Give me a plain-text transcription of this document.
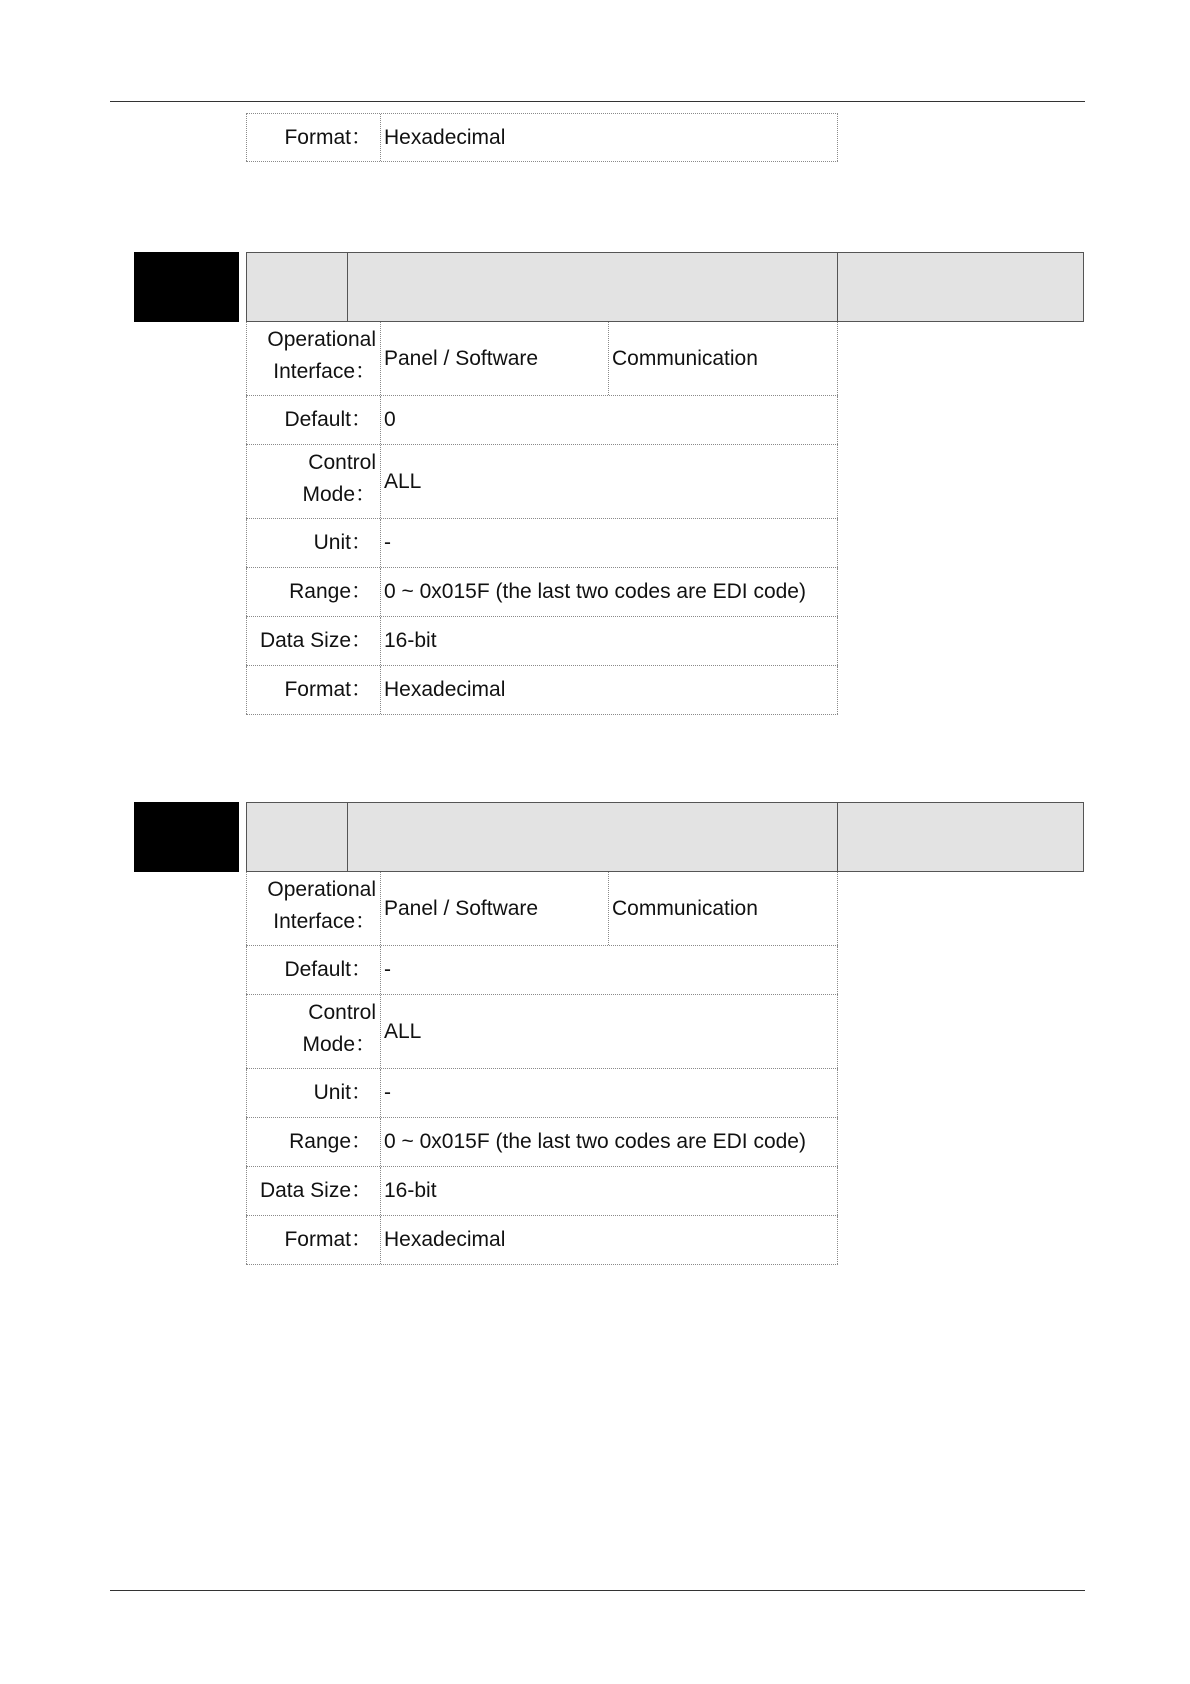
Format： Hexadecimal
Operational
Interface：
Panel / Software	Communication
Default： 0
Control
Mode：
ALL
Unit： -
Range： 0 ~ 0x015F (the last two codes are EDI code)
Data Size： 16-bit
Format： Hexadecimal
Operational
Interface：
Panel / Software	Communication
Default： -
Control
Mode：
ALL
Unit： -
Range： 0 ~ 0x015F (the last two codes are EDI code)
Data Size： 16-bit
Format： Hexadecimal
